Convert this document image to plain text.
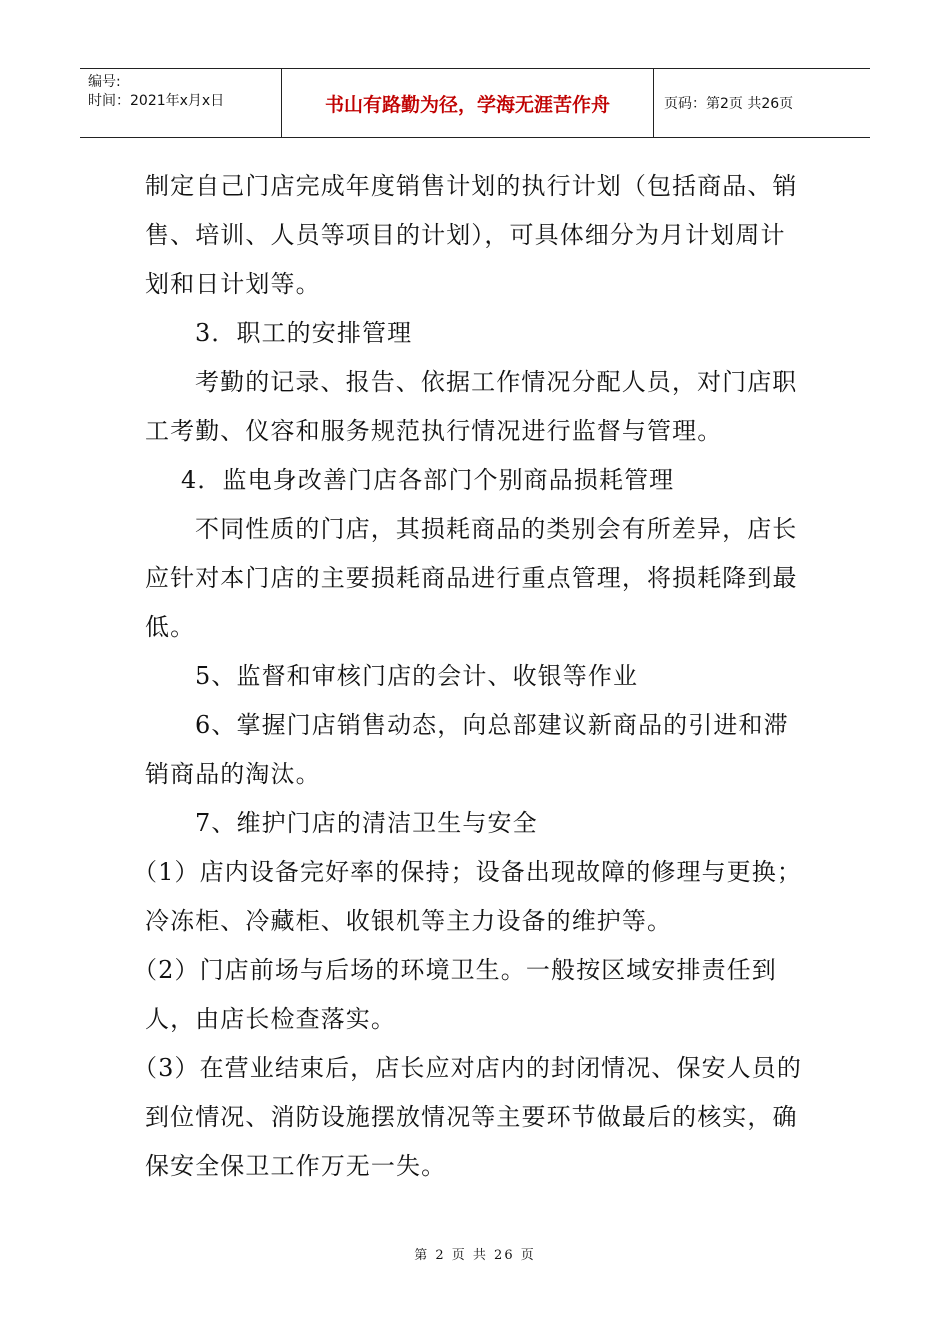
编号:
时间：2021年x月x日	书山有路勤为径，学海无涯苦作舟	页码：第2页 共26页

制定自己门店完成年度销售计划的执行计划（包括商品、销售、培训、人员等项目的计划），可具体细分为月计划周计划和日计划等。

3．职工的安排管理

考勤的记录、报告、依据工作情况分配人员，对门店职工考勤、仪容和服务规范执行情况进行监督与管理。

4．监电身改善门店各部门个别商品损耗管理

不同性质的门店，其损耗商品的类别会有所差异，店长应针对本门店的主要损耗商品进行重点管理，将损耗降到最低。

5、监督和审核门店的会计、收银等作业

6、掌握门店销售动态，向总部建议新商品的引进和滞销商品的淘汰。

7、维护门店的清洁卫生与安全

（1）店内设备完好率的保持；设备出现故障的修理与更换；冷冻柜、冷藏柜、收银机等主力设备的维护等。

（2）门店前场与后场的环境卫生。一般按区域安排责任到人，由店长检查落实。

（3）在营业结束后，店长应对店内的封闭情况、保安人员的到位情况、消防设施摆放情况等主要环节做最后的核实，确保安全保卫工作万无一失。

第 2 页 共 26 页
